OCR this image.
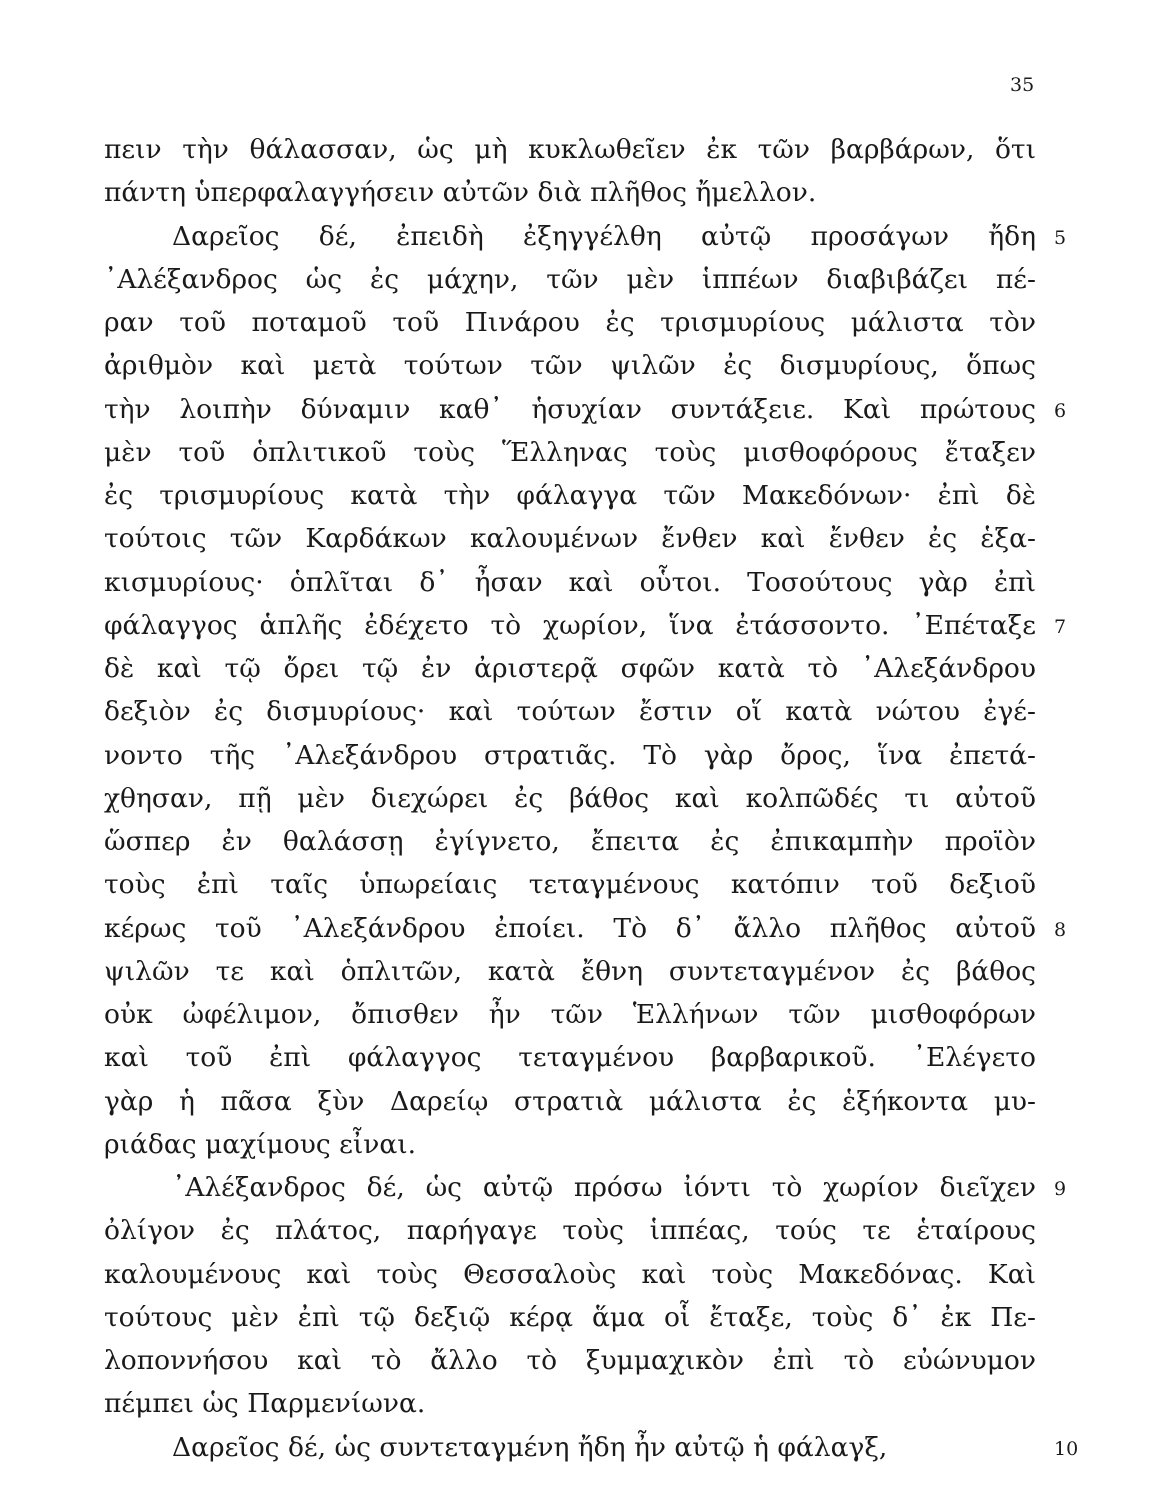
35
πειν τὴν θάλασσαν, ὡς μὴ κυκλωθεῖεν ἐκ τῶν βαρβάρων, ὅτι
πάντη ὑπερφαλαγγήσειν αὐτῶν διὰ πλῆθος ἤμελλον.
Δαρεῖος δέ, ἐπειδὴ ἐξηγγέλθη αὐτῷ προσάγων ἤδη 5
᾿Αλέξανδρος ὡς ἐς μάχην, τῶν μὲν ἱππέων διαβιβάζει πέ-
ραν τοῦ ποταμοῦ τοῦ Πινάρου ἐς τρισμυρίους μάλιστα τὸν
ἀριθμὸν καὶ μετὰ τούτων τῶν ψιλῶν ἐς δισμυρίους, ὅπως
τὴν λοιπὴν δύναμιν καθ᾿ ἡσυχίαν συντάξειε. Καὶ πρώτους 6
μὲν τοῦ ὁπλιτικοῦ τοὺς Ἕλληνας τοὺς μισθοφόρους ἔταξεν
ἐς τρισμυρίους κατὰ τὴν φάλαγγα τῶν Μακεδόνων· ἐπὶ δὲ
τούτοις τῶν Καρδάκων καλουμένων ἔνθεν καὶ ἔνθεν ἐς ἑξα-
κισμυρίους· ὁπλῖται δ᾿ ἦσαν καὶ οὗτοι. Τοσούτους γὰρ ἐπὶ
φάλαγγος ἁπλῆς ἐδέχετο τὸ χωρίον, ἵνα ἐτάσσοντο. ᾿Επέταξε 7
δὲ καὶ τῷ ὄρει τῷ ἐν ἀριστερᾷ σφῶν κατὰ τὸ ᾿Αλεξάνδρου
δεξιὸν ἐς δισμυρίους· καὶ τούτων ἔστιν οἵ κατὰ νώτου ἐγέ-
νοντο τῆς ᾿Αλεξάνδρου στρατιᾶς. Τὸ γὰρ ὄρος, ἵνα ἐπετά-
χθησαν, πῇ μὲν διεχώρει ἐς βάθος καὶ κολπῶδές τι αὐτοῦ
ὥσπερ ἐν θαλάσσῃ ἐγίγνετο, ἔπειτα ἐς ἐπικαμπὴν προϊὸν
τοὺς ἐπὶ ταῖς ὑπωρείαις τεταγμένους κατόπιν τοῦ δεξιοῦ
κέρως τοῦ ᾿Αλεξάνδρου ἐποίει. Τὸ δ᾿ ἄλλο πλῆθος αὐτοῦ 8
ψιλῶν τε καὶ ὁπλιτῶν, κατὰ ἔθνη συντεταγμένον ἐς βάθος
οὐκ ὠφέλιμον, ὄπισθεν ἦν τῶν Ἑλλήνων τῶν μισθοφόρων
καὶ τοῦ ἐπὶ φάλαγγος τεταγμένου βαρβαρικοῦ. ᾿Ελέγετο
γὰρ ἡ πᾶσα ξὺν Δαρείῳ στρατιὰ μάλιστα ἐς ἑξήκοντα μυ-
ριάδας μαχίμους εἶναι.
᾿Αλέξανδρος δέ, ὡς αὐτῷ πρόσω ἰόντι τὸ χωρίον διεῖχεν 9
ὀλίγον ἐς πλάτος, παρήγαγε τοὺς ἱππέας, τούς τε ἑταίρους
καλουμένους καὶ τοὺς Θεσσαλοὺς καὶ τοὺς Μακεδόνας. Καὶ
τούτους μὲν ἐπὶ τῷ δεξιῷ κέρᾳ ἅμα οἷ ἔταξε, τοὺς δ᾿ ἐκ Πε-
λοποννήσου καὶ τὸ ἄλλο τὸ ξυμμαχικὸν ἐπὶ τὸ εὐώνυμον
πέμπει ὡς Παρμενίωνα.
Δαρεῖος δέ, ὡς συντεταγμένη ἤδη ἦν αὐτῷ ἡ φάλαγξ,	10
